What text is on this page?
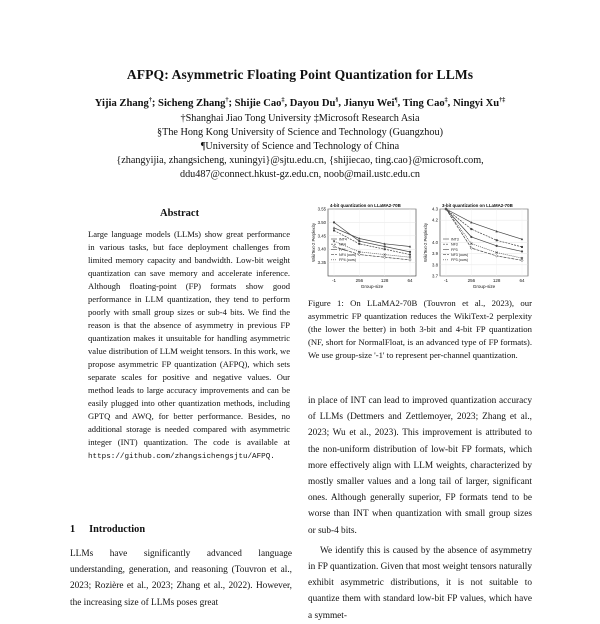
AFPQ: Asymmetric Floating Point Quantization for LLMs
Yijia Zhang†; Sicheng Zhang†; Shijie Cao‡, Dayou Du§, Jianyu Wei¶, Ting Cao‡, Ningyi Xu†‡
†Shanghai Jiao Tong University ‡Microsoft Research Asia
§The Hong Kong University of Science and Technology (Guangzhou)
¶University of Science and Technology of China
{zhangyijia, zhangsicheng, xuningyi}@sjtu.edu.cn, {shijiecao, ting.cao}@microsoft.com,
ddu487@connect.hkust-gz.edu.cn, noob@mail.ustc.edu.cn
Abstract
Large language models (LLMs) show great performance in various tasks, but face deployment challenges from limited memory capacity and bandwidth. Low-bit weight quantization can save memory and accelerate inference. Although floating-point (FP) formats show good performance in LLM quantization, they tend to perform poorly with small group sizes or sub-4 bits. We find the reason is that the absence of asymmetry in previous FP quantization makes it unsuitable for handling asymmetric value distribution of LLM weight tensors. In this work, we propose asymmetric FP quantization (AFPQ), which sets separate scales for positive and negative values. Our method leads to large accuracy improvements and can be easily plugged into other quantization methods, including GPTQ and AWQ, for better performance. Besides, no additional storage is needed compared with asymmetric integer (INT) quantization. The code is available at https://github.com/zhangsichengsjtu/AFPQ.
1 Introduction
LLMs have significantly advanced language understanding, generation, and reasoning (Touvron et al., 2023; Rozière et al., 2023; Zhang et al., 2022). However, the increasing size of LLMs poses great
4-bit quantization on LLaMA2-70B
3.55
3.50
3.45
3.40
3.35
-1	256	128	64
Group-size
WikiText-2 Perplexity	INT4
NF4
FP4
NF4 (ours)
FP4 (ours)
3-bit quantization on LLaMA2-70B
4.3
4.2
4.0
3.9
3.8
3.7
-1	256	128	64
Group-size
WikiText-2 Perplexity	INT3
NF3
FP3
NF3 (ours)
FP3 (ours)
Figure 1: On LLaMA2-70B (Touvron et al., 2023), our asymmetric FP quantization reduces the WikiText-2 perplexity (the lower the better) in both 3-bit and 4-bit FP quantization (NF, short for NormalFloat, is an advanced type of FP formats). We use group-size '-1' to represent per-channel quantization.

in place of INT can lead to improved quantization accuracy of LLMs (Dettmers and Zettlemoyer, 2023; Zhang et al., 2023; Wu et al., 2023). This improvement is attributed to the non-uniform distribution of low-bit FP formats, which more effectively align with LLM weights, characterized by mostly smaller values and a long tail of larger, significant ones. Although generally superior, FP formats tend to be worse than INT when quantization with small group sizes or sub-4 bits.

We identify this is caused by the absence of asymmetry in FP quantization. Given that most weight tensors naturally exhibit asymmetric distributions, it is not suitable to quantize them with standard low-bit FP values, which have a symmet-
